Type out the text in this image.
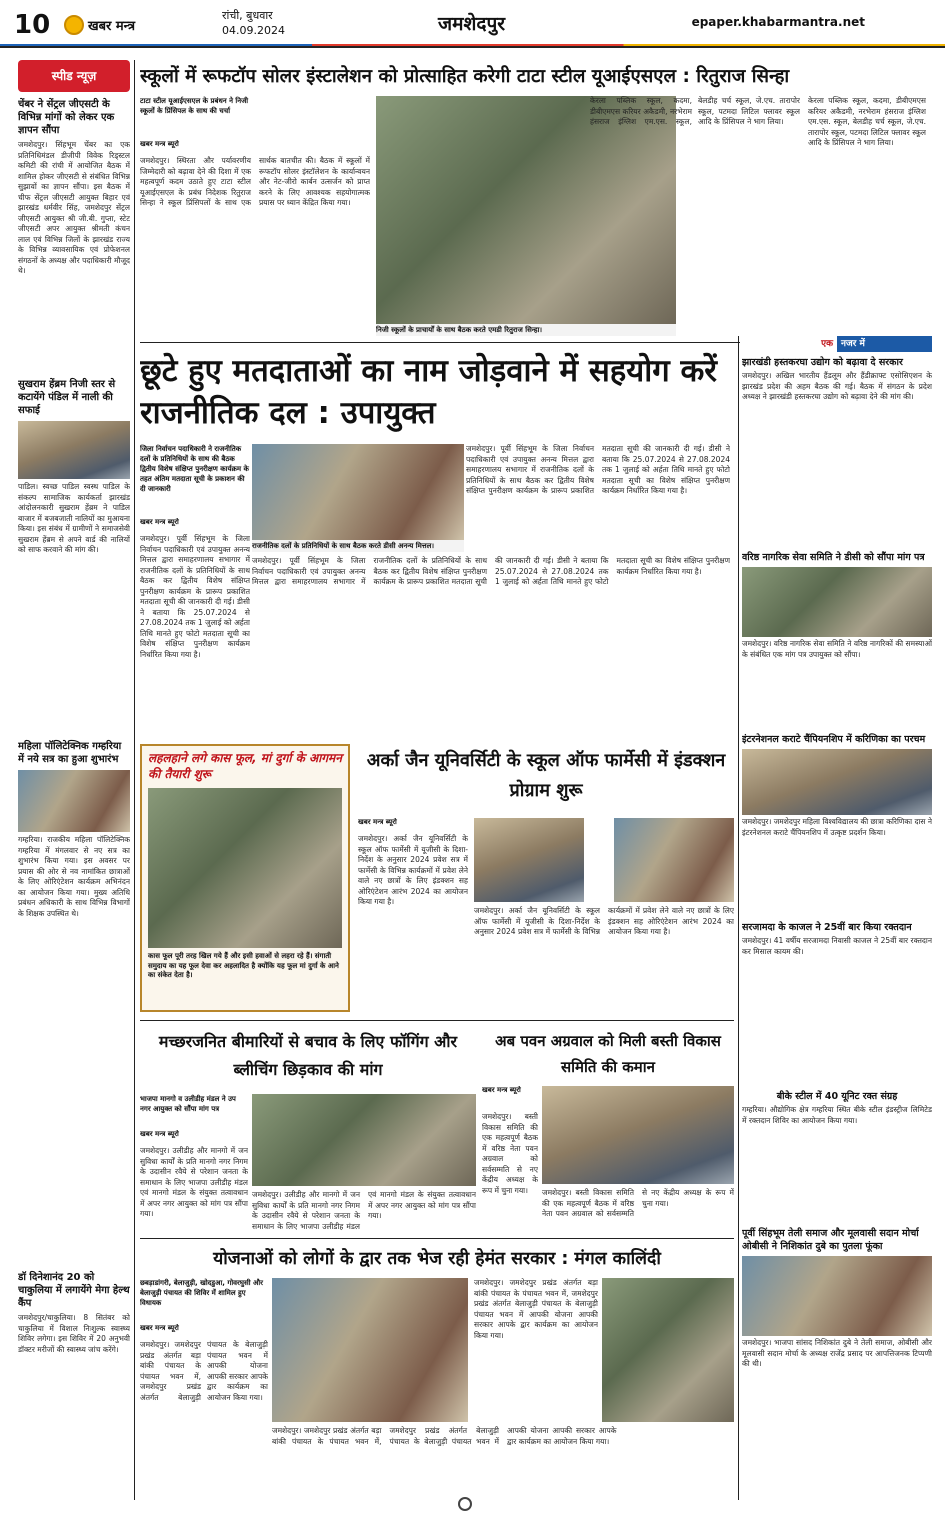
10	खबर मन्त्र
रांची, बुधवार
04.09.2024	जमशेदपुर	epaper.khabarmantra.net
स्पीड न्यूज़
चेंबर ने सेंट्रल जीएसटी के विभिन्न मांगों को लेकर एक ज्ञापन सौंपा
जमशेदपुर। सिंहभूम चेंबर का एक प्रतिनिधिमंडल डीजीपी विवेक रिड्स्‍टल कमिटी की रांची में आयोजित बैठक में शामिल होकर जीएसटी से संबंधित विभिन्न सुझावों का ज्ञापन सौंपा। इस बैठक में चीफ सेंट्रल जीएसटी आयुक्त बिहार एवं झारखंड धर्मवीर सिंह, जमशेदपुर सेंट्रल जीएसटी आयुक्त श्री जी.बी. गुप्ता, स्टेट जीएसटी अपर आयुक्त श्रीमती कंचन लाल एवं विभिन्न जिलों के झारखंड राज्य के विभिन्न व्यावसायिक एवं प्रोफेशनल संगठनों के अध्यक्ष और पदाधिकारी मौजूद थे।
सुखराम हेंब्रम निजी स्तर से कटायेंगे पंडिल में नाली की सफाई
पाडिल। स्वच्छ पाडिल स्वस्थ पाडिल के संकल्प सामाजिक कार्यकर्ता झारखंड आंदोलनकारी सुखराम हेंब्रम ने पाडिल बाजार में बजबजाती नालियों का मुआयना किया। इस संबंध में ग्रामीणों ने समाजसेवी सुखराम हेंब्रम से अपने वार्ड की नालियों को साफ करवाने की मांग की।
महिला पॉलिटेक्निक गम्हरिया में नये सत्र का हुआ शुभारंभ
गम्हरिया। राजकीय महिला पॉलिटेक्निक गम्हरिया में मंगलवार से नए सत्र का शुभारंभ किया गया। इस अवसर पर प्रयास की ओर से नव नामांकित छात्राओं के लिए ओरिएंटेशन कार्यक्रम अभिनंदन का आयोजन किया गया। मुख्य अतिथि प्रबंधन अधिकारी के साथ विभिन्न विभागों के शिक्षक उपस्थित थे।
डॉ दिनेशानंद 20 को चाकुलिया में लगायेंगे मेगा हेल्थ कैंप
जमशेदपुर/चाकुलिया। 8 सितंबर को चाकुलिया में विशाल निःशुल्क स्वास्थ्य शिविर लगेगा। इस शिविर में 20 अनुभवी डॉक्टर मरीजों की स्वास्थ्य जांच करेंगे।
स्कूलों में रूफटॉप सोलर इंस्टालेशन को प्रोत्साहित करेगी टाटा स्टील यूआईएसएल : रितुराज सिन्हा
टाटा स्टील यूआईएसएल के प्रबंधन ने निजी स्कूलों के प्रिंसिपल के साथ की चर्चा
खबर मन्त्र ब्यूरो
जमशेदपुर। स्थिरता और पर्यावरणीय जिम्मेदारी को बढ़ावा देने की दिशा में एक महत्वपूर्ण कदम उठाते हुए टाटा स्टील यूआईएसएल के प्रबंध निदेशक रितुराज सिन्हा ने स्कूल प्रिंसिपलों के साथ एक सार्थक बातचीत की। बैठक में स्कूलों में रूफटॉप सोलर इंस्टॉलेशन के कार्यान्वयन और नेट-जीरो कार्बन उत्सर्जन को प्राप्त करने के लिए आवश्यक सहयोगात्मक प्रयास पर ध्यान केंद्रित किया गया।
निजी स्कूलों के प्राचार्यों के साथ बैठक करते एमडी रितुराज सिन्हा।
केरला पब्लिक स्कूल, कदमा, डीबीएमएस करियर अकैडमी, नरभेराम हंसराज इंग्लिश एम.एस. स्कूल, बेलडीह चर्च स्कूल, जे.एच. तारापोर स्कूल, पटमदा लिटिल फ्लावर स्कूल आदि के प्रिंसिपल ने भाग लिया।
केरला पब्लिक स्कूल, कदमा, डीबीएमएस करियर अकैडमी, नरभेराम हंसराज इंग्लिश एम.एस. स्कूल, बेलडीह चर्च स्कूल, जे.एच. तारापोर स्कूल, पटमदा लिटिल फ्लावर स्कूल आदि के प्रिंसिपल ने भाग लिया।
छूटे हुए मतदाताओं का नाम जोड़वाने में सहयोग करें राजनीतिक दल : उपायुक्त
जिला निर्वाचन पदाधिकारी ने राजनीतिक दलों के प्रतिनिधियों के साथ की बैठक
द्वितीय विशेष संक्षिप्त पुनरीक्षण कार्यक्रम के तहत अंतिम मतदाता सूची के प्रकाशन की दी जानकारी
खबर मन्त्र ब्यूरो
जमशेदपुर। पूर्वी सिंहभूम के जिला निर्वाचन पदाधिकारी एवं उपायुक्त अनन्य मित्तल द्वारा समाहरणालय सभागार में राजनीतिक दलों के प्रतिनिधियों के साथ बैठक कर द्वितीय विशेष संक्षिप्त पुनरीक्षण कार्यक्रम के प्रारूप प्रकाशित मतदाता सूची की जानकारी दी गई। डीसी ने बताया कि 25.07.2024 से 27.08.2024 तक 1 जुलाई को अर्हता तिथि मानते हुए फोटो मतदाता सूची का विशेष संक्षिप्त पुनरीक्षण कार्यक्रम निर्धारित किया गया है।
राजनीतिक दलों के प्रतिनिधियों के साथ बैठक करते डीसी अनन्य मित्तल।
जमशेदपुर। पूर्वी सिंहभूम के जिला निर्वाचन पदाधिकारी एवं उपायुक्त अनन्य मित्तल द्वारा समाहरणालय सभागार में राजनीतिक दलों के प्रतिनिधियों के साथ बैठक कर द्वितीय विशेष संक्षिप्त पुनरीक्षण कार्यक्रम के प्रारूप प्रकाशित मतदाता सूची की जानकारी दी गई। डीसी ने बताया कि 25.07.2024 से 27.08.2024 तक 1 जुलाई को अर्हता तिथि मानते हुए फोटो मतदाता सूची का विशेष संक्षिप्त पुनरीक्षण कार्यक्रम निर्धारित किया गया है।
जमशेदपुर। पूर्वी सिंहभूम के जिला निर्वाचन पदाधिकारी एवं उपायुक्त अनन्य मित्तल द्वारा समाहरणालय सभागार में राजनीतिक दलों के प्रतिनिधियों के साथ बैठक कर द्वितीय विशेष संक्षिप्त पुनरीक्षण कार्यक्रम के प्रारूप प्रकाशित मतदाता सूची की जानकारी दी गई। डीसी ने बताया कि 25.07.2024 से 27.08.2024 तक 1 जुलाई को अर्हता तिथि मानते हुए फोटो मतदाता सूची का विशेष संक्षिप्त पुनरीक्षण कार्यक्रम निर्धारित किया गया है।
एक नजर में
झारखंडी हस्तकरघा उद्योग को बढ़ावा दे सरकार
जमशेदपुर। अखिल भारतीय हैंडलूम और हैंडीक्राफ्ट एसोसिएशन के झारखंड प्रदेश की अहम बैठक की गई। बैठक में संगठन के प्रदेश अध्यक्ष ने झारखंडी हस्तकरघा उद्योग को बढ़ावा देने की मांग की।
वरिष्ठ नागरिक सेवा समिति ने डीसी को सौंपा मांग पत्र
जमशेदपुर। वरिष्ठ नागरिक सेवा समिति ने वरिष्ठ नागरिकों की समस्याओं के संबंधित एक मांग पत्र उपायुक्त को सौंपा।
इंटरनेशनल कराटे चैंपियनशिप में करिणिका का परचम
जमशेदपुर। जमशेदपुर महिला विश्वविद्यालय की छात्रा करिणिका दास ने इंटरनेशनल कराटे चैंपियनशिप में उत्कृष्ट प्रदर्शन किया।
सरजामदा के काजल ने 25वीं बार किया रक्तदान
जमशेदपुर। 41 वर्षीय सरजामदा निवासी काजल ने 25वीं बार रक्तदान कर मिसाल कायम की।
बीके स्टील में 40 यूनिट रक्त संग्रह
गम्हरिया। औद्योगिक क्षेत्र गम्हरिया स्थित बीके स्टील इंडस्ट्रीज लिमिटेड में रक्तदान शिविर का आयोजन किया गया।
पूर्वी सिंहभूम तेली समाज और मूलवासी सदान मोर्चा ओबीसी ने निशिकांत दुबे का पुतला फूंका
जमशेदपुर। भाजपा सांसद निशिकांत दुबे ने तेली समाज, ओबीसी और मूलवासी सदान मोर्चा के अध्यक्ष राजेंद्र प्रसाद पर आपत्तिजनक टिप्पणी की थी।
लहलहाने लगे कास फूल, मां दुर्गा के आगमन की तैयारी शुरू
कास फूल पूरी तरह खिल गये हैं और इसी हवाओं से लहरा रहे हैं। संगाती समुदाय का यह फूल देवा कर अहलादित है क्योंकि यह फूल मां दुर्गा के आने का संकेत देता है।
अर्का जैन यूनिवर्सिटी के स्कूल ऑफ फार्मेसी में इंडक्शन प्रोग्राम शुरू
खबर मन्त्र ब्यूरो
जमशेदपुर। अर्का जैन यूनिवर्सिटी के स्कूल ऑफ फार्मेसी में यूजीसी के दिशा-निर्देश के अनुसार 2024 प्रवेश सत्र में फार्मेसी के विभिन्न कार्यक्रमों में प्रवेश लेने वाले नए छात्रों के लिए इंडक्शन सह ओरिएंटेशन आरंभ 2024 का आयोजन किया गया है।
जमशेदपुर। अर्का जैन यूनिवर्सिटी के स्कूल ऑफ फार्मेसी में यूजीसी के दिशा-निर्देश के अनुसार 2024 प्रवेश सत्र में फार्मेसी के विभिन्न कार्यक्रमों में प्रवेश लेने वाले नए छात्रों के लिए इंडक्शन सह ओरिएंटेशन आरंभ 2024 का आयोजन किया गया है।
मच्छरजनित बीमारियों से बचाव के लिए फॉगिंग और ब्लीचिंग छिड़काव की मांग
भाजपा मानगो व उलीडीह मंडल ने उप नगर आयुक्त को सौंपा मांग पत्र
खबर मन्त्र ब्यूरो
जमशेदपुर। उलीडीह और मानगो में जन सुविधा कार्यों के प्रति मानगो नगर निगम के उदासीन रवैये से परेशान जनता के समाधान के लिए भाजपा उलीडीह मंडल एवं मानगो मंडल के संयुक्त तत्वावधान में अपर नगर आयुक्त को मांग पत्र सौंपा गया।
जमशेदपुर। उलीडीह और मानगो में जन सुविधा कार्यों के प्रति मानगो नगर निगम के उदासीन रवैये से परेशान जनता के समाधान के लिए भाजपा उलीडीह मंडल एवं मानगो मंडल के संयुक्त तत्वावधान में अपर नगर आयुक्त को मांग पत्र सौंपा गया।
अब पवन अग्रवाल को मिली बस्ती विकास समिति की कमान
खबर मन्त्र ब्यूरो
जमशेदपुर। बस्ती विकास समिति की एक महत्वपूर्ण बैठक में वरिष्ठ नेता पवन अग्रवाल को सर्वसम्मति से नए केंद्रीय अध्यक्ष के रूप में चुना गया।	जमशेदपुर। बस्ती विकास समिति की एक महत्वपूर्ण बैठक में वरिष्ठ नेता पवन अग्रवाल को सर्वसम्मति से नए केंद्रीय अध्यक्ष के रूप में चुना गया।
योजनाओं को लोगों के द्वार तक भेज रही हेमंत सरकार : मंगल कालिंदी
छबड़ाडांगरी, बेलाजुड़ी, खोदडुआ, गोवरघुसी और बेलाजुड़ी पंचायत की शिविर में शामिल हुए विधायक
खबर मन्त्र ब्यूरो
जमशेदपुर। जमशेदपुर प्रखंड अंतर्गत बड़ा बांकी पंचायत के पंचायत भवन में, जमशेदपुर प्रखंड अंतर्गत बेलाजुड़ी पंचायत के बेलाजुड़ी पंचायत भवन में आपकी योजना आपकी सरकार आपके द्वार कार्यक्रम का आयोजन किया गया।
जमशेदपुर। जमशेदपुर प्रखंड अंतर्गत बड़ा बांकी पंचायत के पंचायत भवन में, जमशेदपुर प्रखंड अंतर्गत बेलाजुड़ी पंचायत के बेलाजुड़ी पंचायत भवन में आपकी योजना आपकी सरकार आपके द्वार कार्यक्रम का आयोजन किया गया।
जमशेदपुर। जमशेदपुर प्रखंड अंतर्गत बड़ा बांकी पंचायत के पंचायत भवन में, जमशेदपुर प्रखंड अंतर्गत बेलाजुड़ी पंचायत के बेलाजुड़ी पंचायत भवन में आपकी योजना आपकी सरकार आपके द्वार कार्यक्रम का आयोजन किया गया।
